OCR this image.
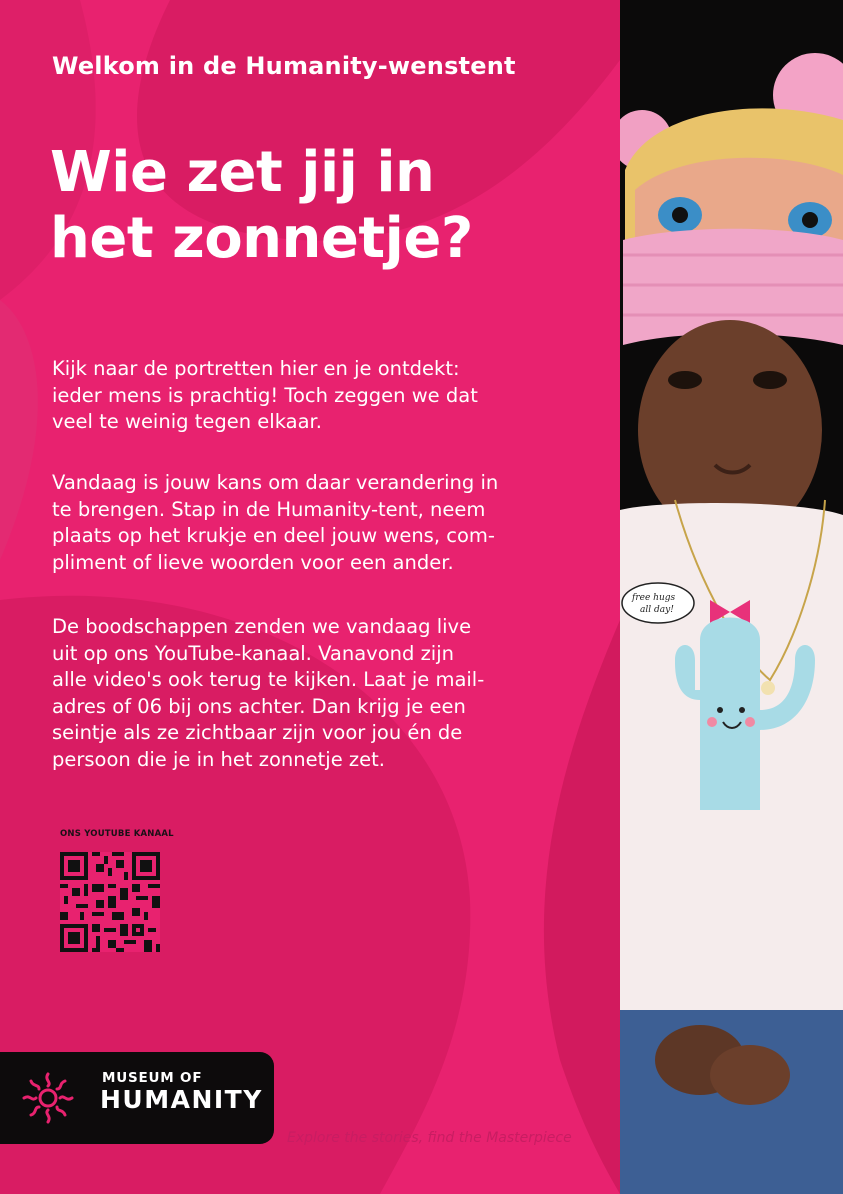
free hugs
all day!
Welkom in de Humanity-wenstent
Wie zet jij in
het zonnetje?
Kijk naar de portretten hier en je ontdekt:
ieder mens is prachtig! Toch zeggen we dat
veel te weinig tegen elkaar.
Vandaag is jouw kans om daar verandering in
te brengen. Stap in de Humanity-tent, neem
plaats op het krukje en deel jouw wens, com-
pliment of lieve woorden voor een ander.
De boodschappen zenden we vandaag live
uit op ons YouTube-kanaal. Vanavond zijn
alle video's ook terug te kijken. Laat je mail-
adres of 06 bij ons achter. Dan krijg je een
seintje als ze zichtbaar zijn voor jou én de
persoon die je in het zonnetje zet.
ONS YOUTUBE KANAAL
MUSEUM OF
HUMANITY
Explore the stories, find the Masterpiece
